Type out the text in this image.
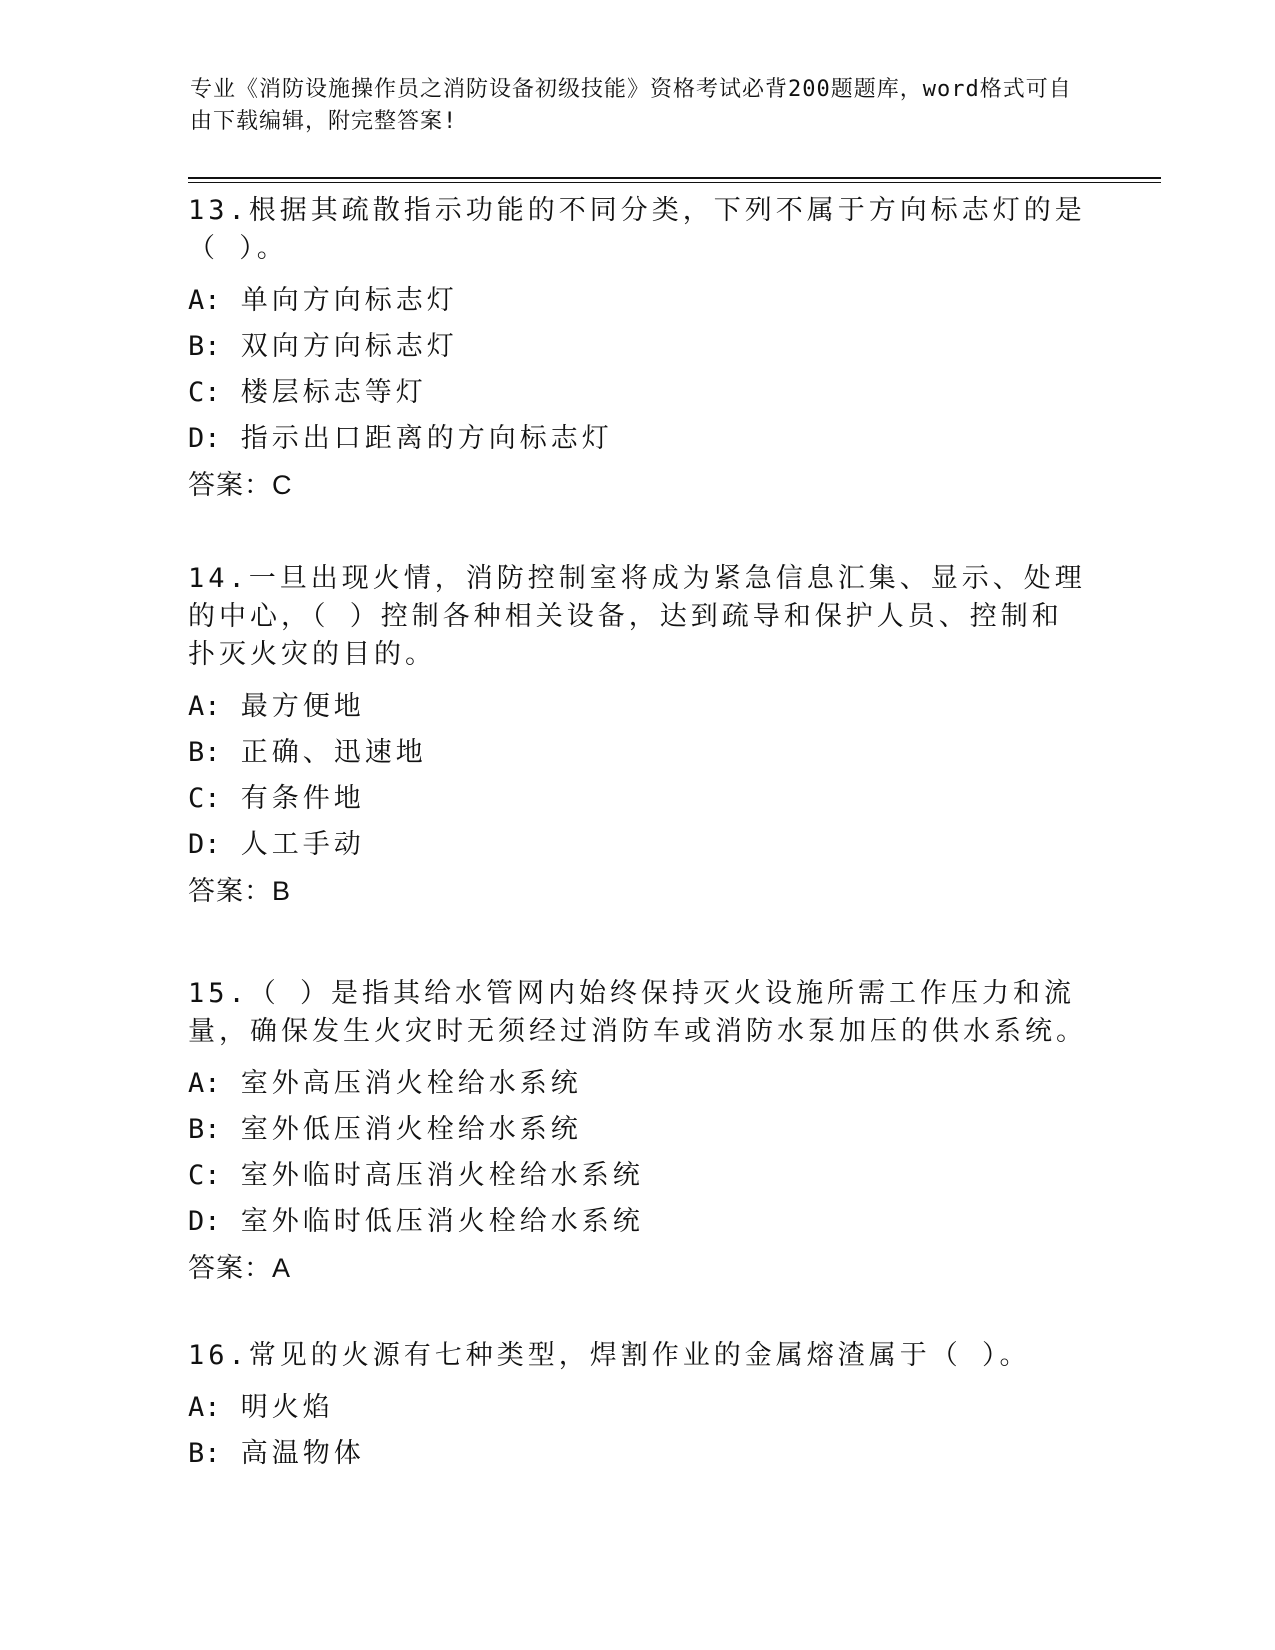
专业《消防设施操作员之消防设备初级技能》资格考试必背200题题库，word格式可自由下载编辑，附完整答案!
13.根据其疏散指示功能的不同分类，下列不属于方向标志灯的是（ ）。
A: 单向方向标志灯
B: 双向方向标志灯
C: 楼层标志等灯
D: 指示出口距离的方向标志灯
答案：C
14.一旦出现火情，消防控制室将成为紧急信息汇集、显示、处理的中心，（ ）控制各种相关设备，达到疏导和保护人员、控制和扑灭火灾的目的。
A: 最方便地
B: 正确、迅速地
C: 有条件地
D: 人工手动
答案：B
15.（ ）是指其给水管网内始终保持灭火设施所需工作压力和流量，确保发生火灾时无须经过消防车或消防水泵加压的供水系统。
A: 室外高压消火栓给水系统
B: 室外低压消火栓给水系统
C: 室外临时高压消火栓给水系统
D: 室外临时低压消火栓给水系统
答案：A
16.常见的火源有七种类型，焊割作业的金属熔渣属于（ ）。
A: 明火焰
B: 高温物体
